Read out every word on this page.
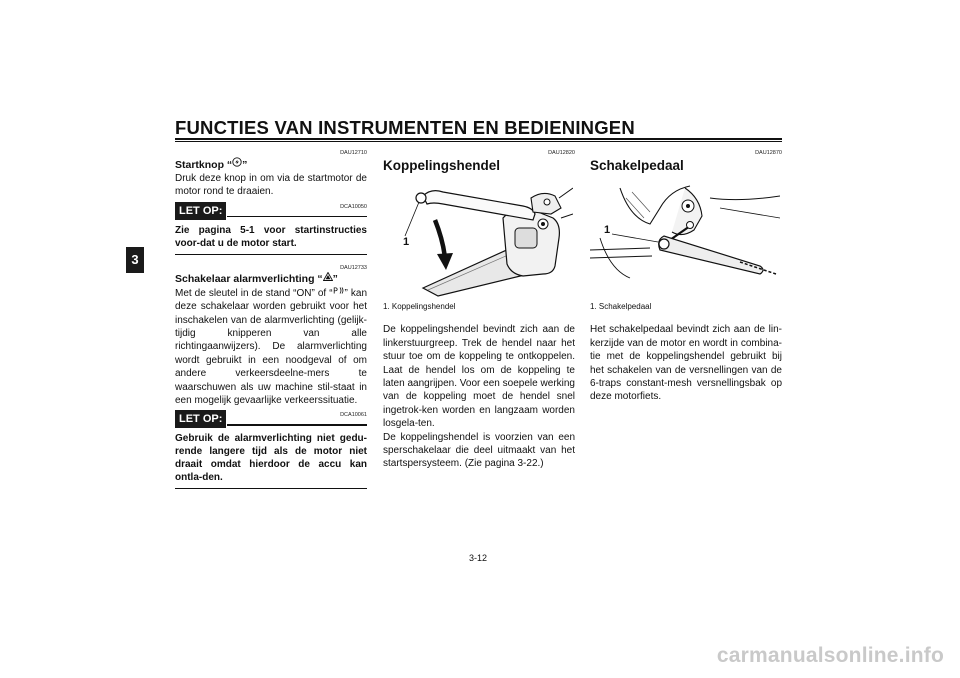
FUNCTIES VAN INSTRUMENTEN EN BEDIENINGEN
3
DAU12710
Startknop “ ”
Druk deze knop in om via de startmotor de motor rond te draaien.
LET OP:	DCA10050
Zie pagina 5-1 voor startinstructies voor-dat u de motor start.
DAU12733
Schakelaar alarmverlichting “ ”
Met de sleutel in de stand “ON” of “ P ” kan deze schakelaar worden gebruikt voor het inschakelen van de alarmverlichting (gelijk-tijdig knipperen van alle richtingaanwijzers). De alarmverlichting wordt gebruikt in een noodgeval of om andere verkeersdeelne-mers te waarschuwen als uw machine stil-staat in een mogelijk gevaarlijke verkeerssituatie.
LET OP:	DCA10061
Gebruik de alarmverlichting niet gedu-rende langere tijd als de motor niet draait omdat hierdoor de accu kan ontla-den.
DAU12820
Koppelingshendel
1
1. Koppelingshendel
De koppelingshendel bevindt zich aan de linkerstuurgreep. Trek de hendel naar het stuur toe om de koppeling te ontkoppelen. Laat de hendel los om de koppeling te laten aangrijpen. Voor een soepele werking van de koppeling moet de hendel snel ingetrok-ken worden en langzaam worden losgela-ten.
De koppelingshendel is voorzien van een sperschakelaar die deel uitmaakt van het startspersysteem. (Zie pagina 3-22.)
DAU12870
Schakelpedaal
1
1. Schakelpedaal
Het schakelpedaal bevindt zich aan de lin-kerzijde van de motor en wordt in combina-tie met de koppelingshendel gebruikt bij het schakelen van de versnellingen van de 6-traps constant-mesh versnellingsbak op deze motorfiets.
3-12
carmanualsonline.info
